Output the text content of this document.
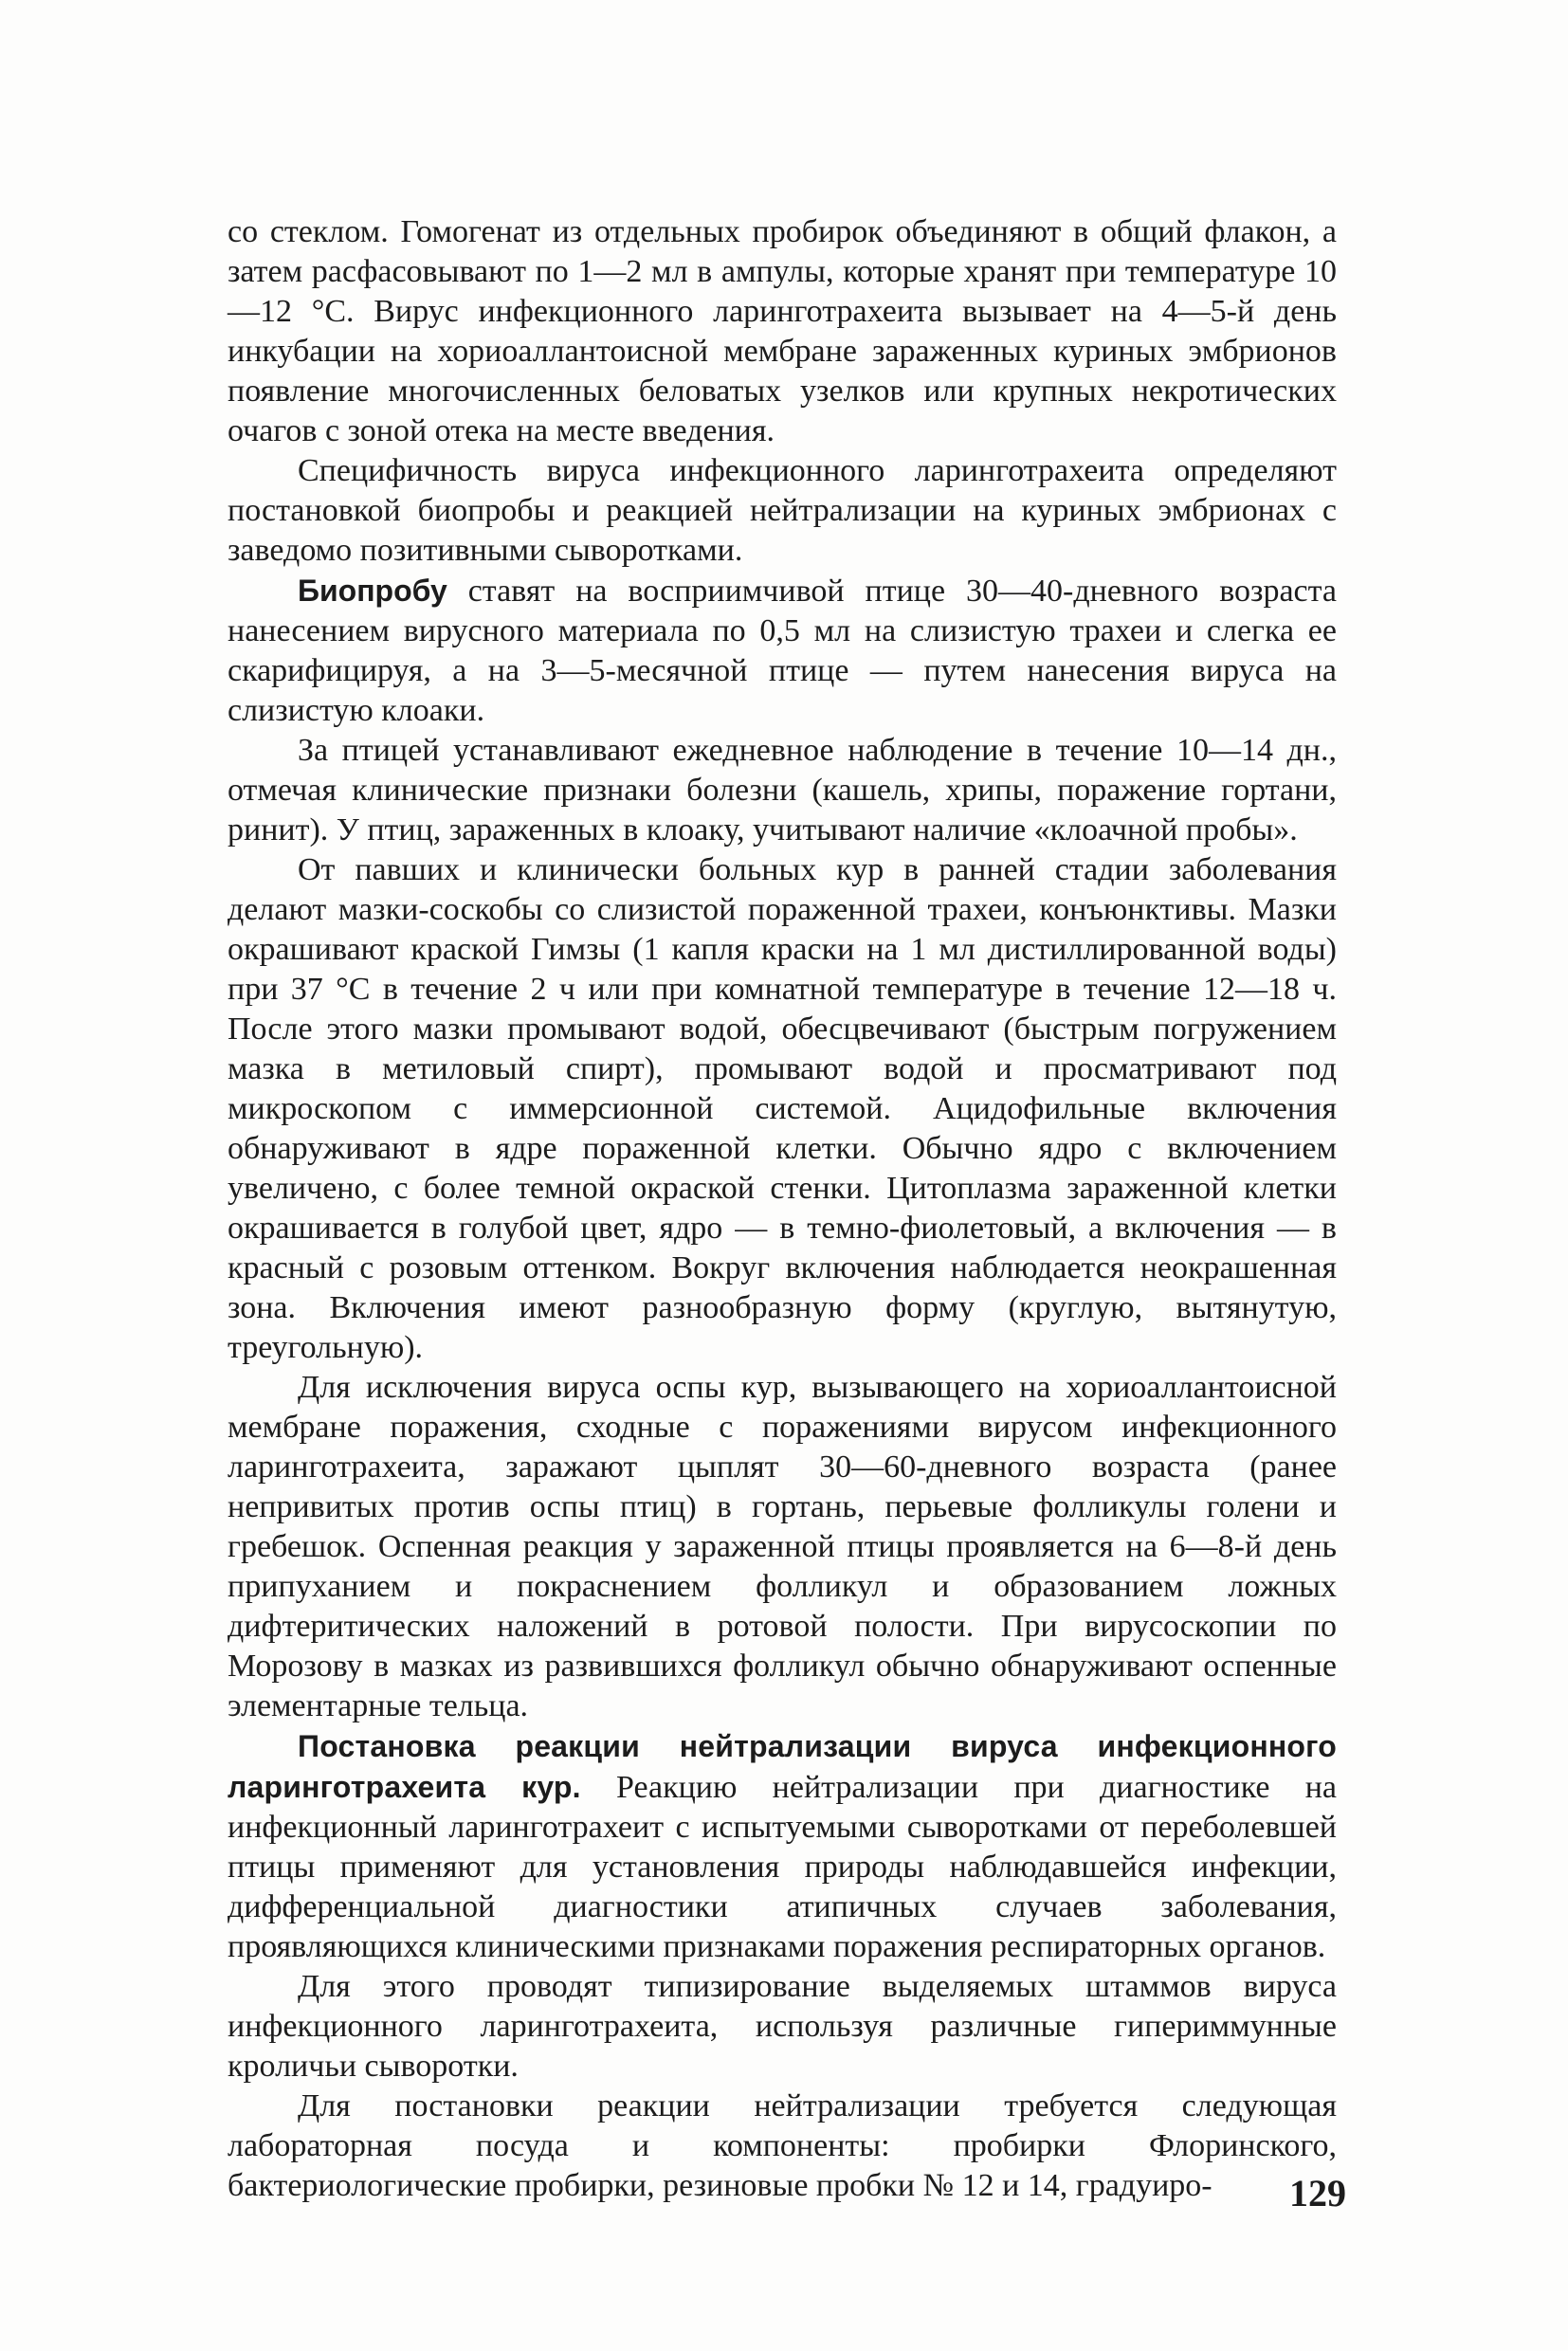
со стеклом. Гомогенат из отдельных пробирок объединяют в общий флакон, а затем расфасовывают по 1—2 мл в ампулы, которые хранят при температуре 10—12 °С. Вирус инфекционного ларинготрахеита вызывает на 4—5-й день инкубации на хориоаллантоисной мембране зараженных куриных эмбрионов появление многочисленных беловатых узелков или крупных некротических очагов с зоной отека на месте введения.

Специфичность вируса инфекционного ларинготрахеита определяют постановкой биопробы и реакцией нейтрализации на куриных эмбрионах с заведомо позитивными сыворотками.

Биопробу ставят на восприимчивой птице 30—40-дневного возраста нанесением вирусного материала по 0,5 мл на слизистую трахеи и слегка ее скарифицируя, а на 3—5-месячной птице — путем нанесения вируса на слизистую клоаки.

За птицей устанавливают ежедневное наблюдение в течение 10—14 дн., отмечая клинические признаки болезни (кашель, хрипы, поражение гортани, ринит). У птиц, зараженных в клоаку, учитывают наличие «клоачной пробы».

От павших и клинически больных кур в ранней стадии заболевания делают мазки-соскобы со слизистой пораженной трахеи, конъюнктивы. Мазки окрашивают краской Гимзы (1 капля краски на 1 мл дистиллированной воды) при 37 °С в течение 2 ч или при комнатной температуре в течение 12—18 ч. После этого мазки промывают водой, обесцвечивают (быстрым погружением мазка в метиловый спирт), промывают водой и просматривают под микроскопом с иммерсионной системой. Ацидофильные включения обнаруживают в ядре пораженной клетки. Обычно ядро с включением увеличено, с более темной окраской стенки. Цитоплазма зараженной клетки окрашивается в голубой цвет, ядро — в темно-фиолетовый, а включения — в красный с розовым оттенком. Вокруг включения наблюдается неокрашенная зона. Включения имеют разнообразную форму (круглую, вытянутую, треугольную).

Для исключения вируса оспы кур, вызывающего на хориоаллантоисной мембране поражения, сходные с поражениями вирусом инфекционного ларинготрахеита, заражают цыплят 30—60-дневного возраста (ранее непривитых против оспы птиц) в гортань, перьевые фолликулы голени и гребешок. Оспенная реакция у зараженной птицы проявляется на 6—8-й день припуханием и покраснением фолликул и образованием ложных дифтеритических наложений в ротовой полости. При вирусоскопии по Морозову в мазках из развившихся фолликул обычно обнаруживают оспенные элементарные тельца.

Постановка реакции нейтрализации вируса инфекционного ларинготрахеита кур. Реакцию нейтрализации при диагностике на инфекционный ларинготрахеит с испытуемыми сыворотками от переболевшей птицы применяют для установления природы наблюдавшейся инфекции, дифференциальной диагностики атипичных случаев заболевания, проявляющихся клиническими признаками поражения респираторных органов.

Для этого проводят типизирование выделяемых штаммов вируса инфекционного ларинготрахеита, используя различные гипериммунные кроличьи сыворотки.

Для постановки реакции нейтрализации требуется следующая лабораторная посуда и компоненты: пробирки Флоринского, бактериологические пробирки, резиновые пробки № 12 и 14, градуиро-	129
